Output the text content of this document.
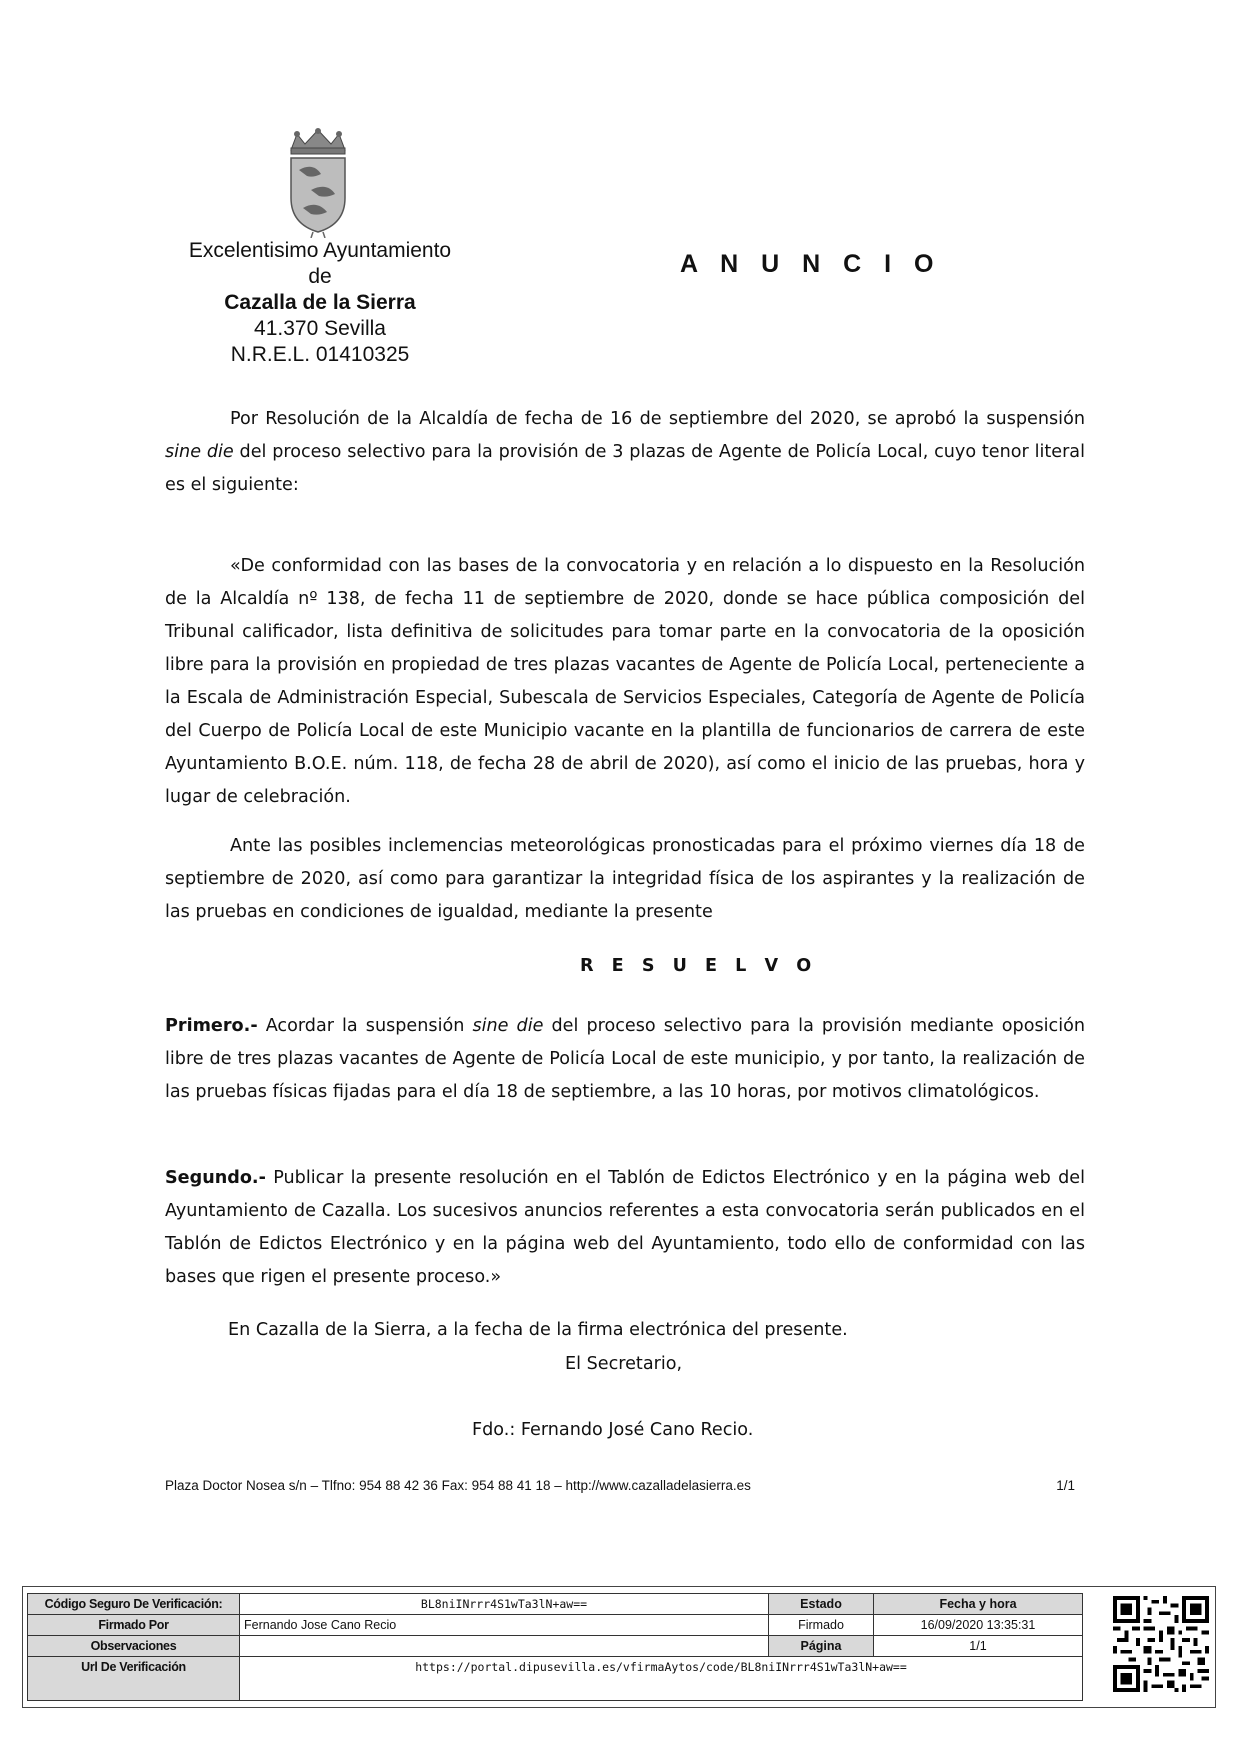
Excelentisimo Ayuntamiento
de
Cazalla de la Sierra
41.370 Sevilla
N.R.E.L. 01410325
A N U N C I O

Por Resolución de la Alcaldía de fecha de 16 de septiembre del 2020, se aprobó la suspensión sine die del proceso selectivo para la provisión de 3 plazas de Agente de Policía Local, cuyo tenor literal es el siguiente:

«De conformidad con las bases de la convocatoria y en relación a lo dispuesto en la Resolución de la Alcaldía nº 138, de fecha 11 de septiembre de 2020, donde se hace pública composición del Tribunal calificador, lista definitiva de solicitudes para tomar parte en la convocatoria de la oposición libre para la provisión en propiedad de tres plazas vacantes de Agente de Policía Local, perteneciente a la Escala de Administración Especial, Subescala de Servicios Especiales, Categoría de Agente de Policía del Cuerpo de Policía Local de este Municipio vacante en la plantilla de funcionarios de carrera de este Ayuntamiento B.O.E. núm. 118, de fecha 28 de abril de 2020), así como el inicio de las pruebas, hora y lugar de celebración.

Ante las posibles inclemencias meteorológicas pronosticadas para el próximo viernes día 18 de septiembre de 2020, así como para garantizar la integridad física de los aspirantes y la realización de las pruebas en condiciones de igualdad, mediante la presente

R E S U E L V O

Primero.- Acordar la suspensión sine die del proceso selectivo para la provisión mediante oposición libre de tres plazas vacantes de Agente de Policía Local de este municipio, y por tanto, la realización de las pruebas físicas fijadas para el día 18 de septiembre, a las 10 horas, por motivos climatológicos.

Segundo.- Publicar la presente resolución en el Tablón de Edictos Electrónico y en la página web del Ayuntamiento de Cazalla. Los sucesivos anuncios referentes a esta convocatoria serán publicados en el Tablón de Edictos Electrónico y en la página web del Ayuntamiento, todo ello de conformidad con las bases que rigen el presente proceso.»

En Cazalla de la Sierra, a la fecha de la firma electrónica del presente.
El Secretario,
Fdo.: Fernando José Cano Recio.
Plaza Doctor Nosea s/n – Tlfno: 954 88 42 36 Fax: 954 88 41 18 – http://www.cazalladelasierra.es	1/1
Código Seguro De Verificación:	BL8niINrrr4S1wTa3lN+aw==	Estado	Fecha y hora
Firmado Por	Fernando Jose Cano Recio	Firmado	16/09/2020 13:35:31
Observaciones		Página	1/1
Url De Verificación	https://portal.dipusevilla.es/vfirmaAytos/code/BL8niINrrr4S1wTa3lN+aw==		
